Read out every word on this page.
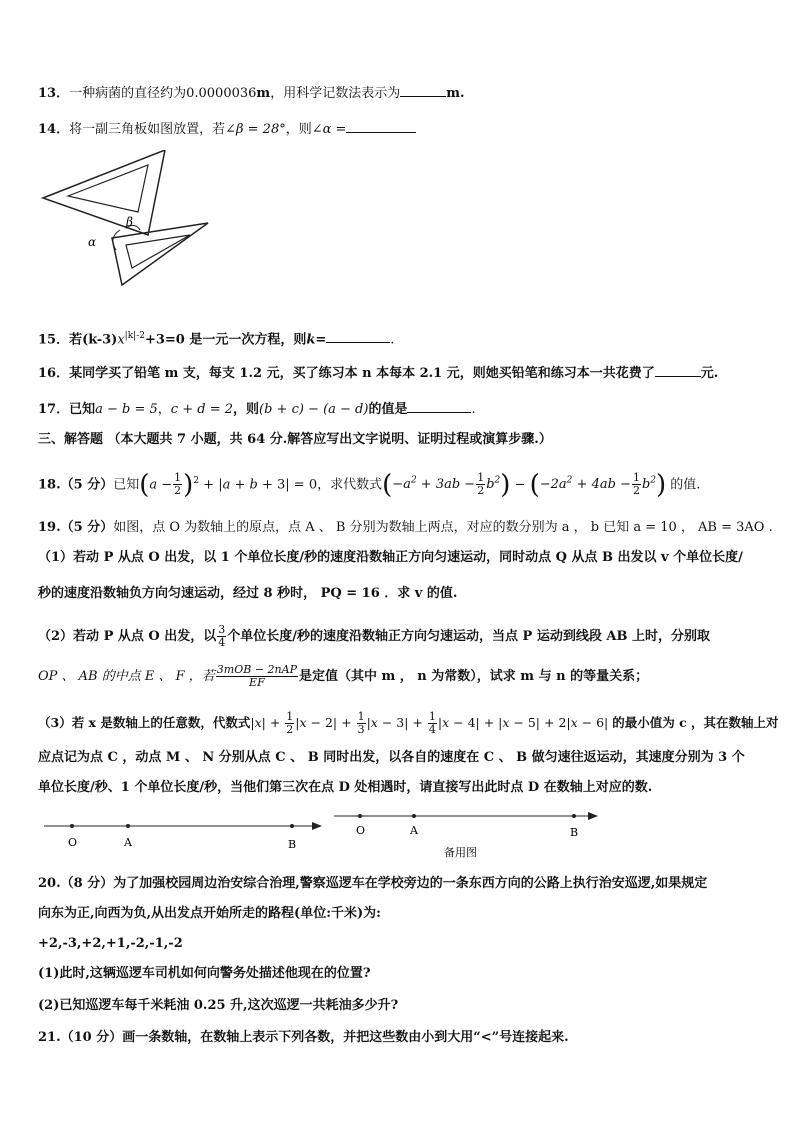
13．一种病菌的直径约为0.0000036m，用科学记数法表示为	m.
14．将一副三角板如图放置，若∠β = 28°，则∠α =
α
β
15．若$(k-3)x^{|k|-2}+3=0$ 是一元一次方程，则k=	.
16．某同学买了铅笔 m 支，每支 1.2 元，买了练习本 n 本每本 2.1 元，则她买铅笔和练习本一共花费了	元.
17．已知a − b = 5，c + d = 2，则(b + c) − (a − d)的值是	.
三、解答题 （本大题共 7 小题，共 64 分.解答应写出文字说明、证明过程或演算步骤.）
18.（5 分）已知$(a - \frac{1}{2} )^2 + |a + b + 3| = 0$，求代数式$(-a^2 + 3ab - \frac{1}{2} b^2) - (-2a^2 + 4ab - \frac{1}{2} b^2)$ 的值.
19.（5 分）如图，点 O 为数轴上的原点，点 A 、 B 分别为数轴上两点，对应的数分别为 a ， b 已知 a = 10 ， AB = 3AO .
（1）若动 P 从点 O 出发，以 1 个单位长度/秒的速度沿数轴正方向匀速运动，同时动点 Q 从点 B 出发以 v 个单位长度/
秒的速度沿数轴负方向匀速运动，经过 8 秒时， PQ = 16 ．求 v 的值.
（2）若动 P 从点 O 出发，以 $\frac{3}{4}$ 个单位长度/秒的速度沿数轴正方向匀速运动，当点 P 运动到线段 AB 上时，分别取
OP 、 AB 的中点 E 、 F ，若 $\frac{\text{3mOB − 2nAP}}{EF}$ 是定值（其中 m ， n 为常数），试求 m 与 n 的等量关系；
（3）若 x 是数轴上的任意数，代数式$|x| + \frac{1}{2} |x - 2| + \frac{1}{3} |x - 3| + \frac{1}{4} |x - 4| + |x - 5| + 2|x - 6|$ 的最小值为 c ，其在数轴上对
应点记为点 C ，动点 M 、 N 分别从点 C 、 B 同时出发，以各自的速度在 C 、 B 做匀速往返运动，其速度分别为 3 个
单位长度/秒、1 个单位长度/秒，当他们第三次在点 D 处相遇时，请直接写出此时点 D 在数轴上对应的数.
O	A	B
O	A	B
备用图
20.（8 分）为了加强校园周边治安综合治理,警察巡逻车在学校旁边的一条东西方向的公路上执行治安巡逻,如果规定
向东为正,向西为负,从出发点开始所走的路程(单位:千米)为:
+2,-3,+2,+1,-2,-1,-2
(1)此时,这辆巡逻车司机如何向警务处描述他现在的位置?
(2)已知巡逻车每千米耗油 0.25 升,这次巡逻一共耗油多少升?
21.（10 分）画一条数轴，在数轴上表示下列各数，并把这些数由小到大用“<”号连接起来.
